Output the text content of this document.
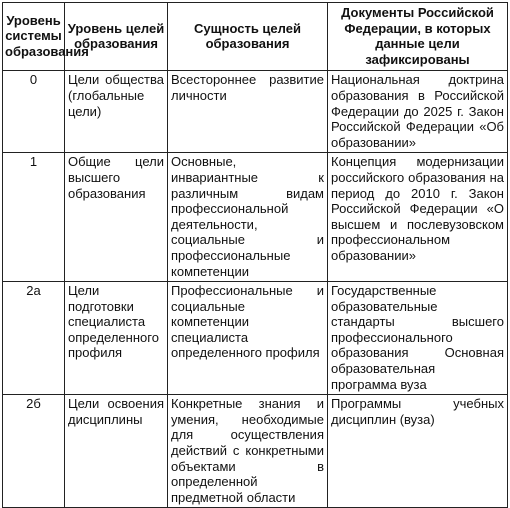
Уровень системы образования	Уровень целей образования	Сущность целей образования	Документы Российской Федерации, в которых данные цели зафиксированы
0	Цели общества (глобальные цели)	Всестороннее развитие личности	Национальная доктрина образования в Российской Федерации до 2025 г. Закон Российской Федерации «Об образовании»
1	Общие цели высшего образования	Основные, инвариантные к различным видам профессиональной деятельности, социальные и профессиональные компетенции	Концепция модернизации российского образования на период до 2010 г. Закон Российской Федерации «О высшем и послевузовском профессиональном образовании»
2а	Цели подготовки специалиста определенного профиля	Профессиональные и социальные компетенции специалиста определенного профиля	Государственные образовательные стандарты высшего профессионального образования Основная образовательная программа вуза
2б	Цели освоения дисциплины	Конкретные знания и умения, необходимые для осуществления действий с конкретными объектами в определенной предметной области	Программы учебных дисциплин (вуза)
